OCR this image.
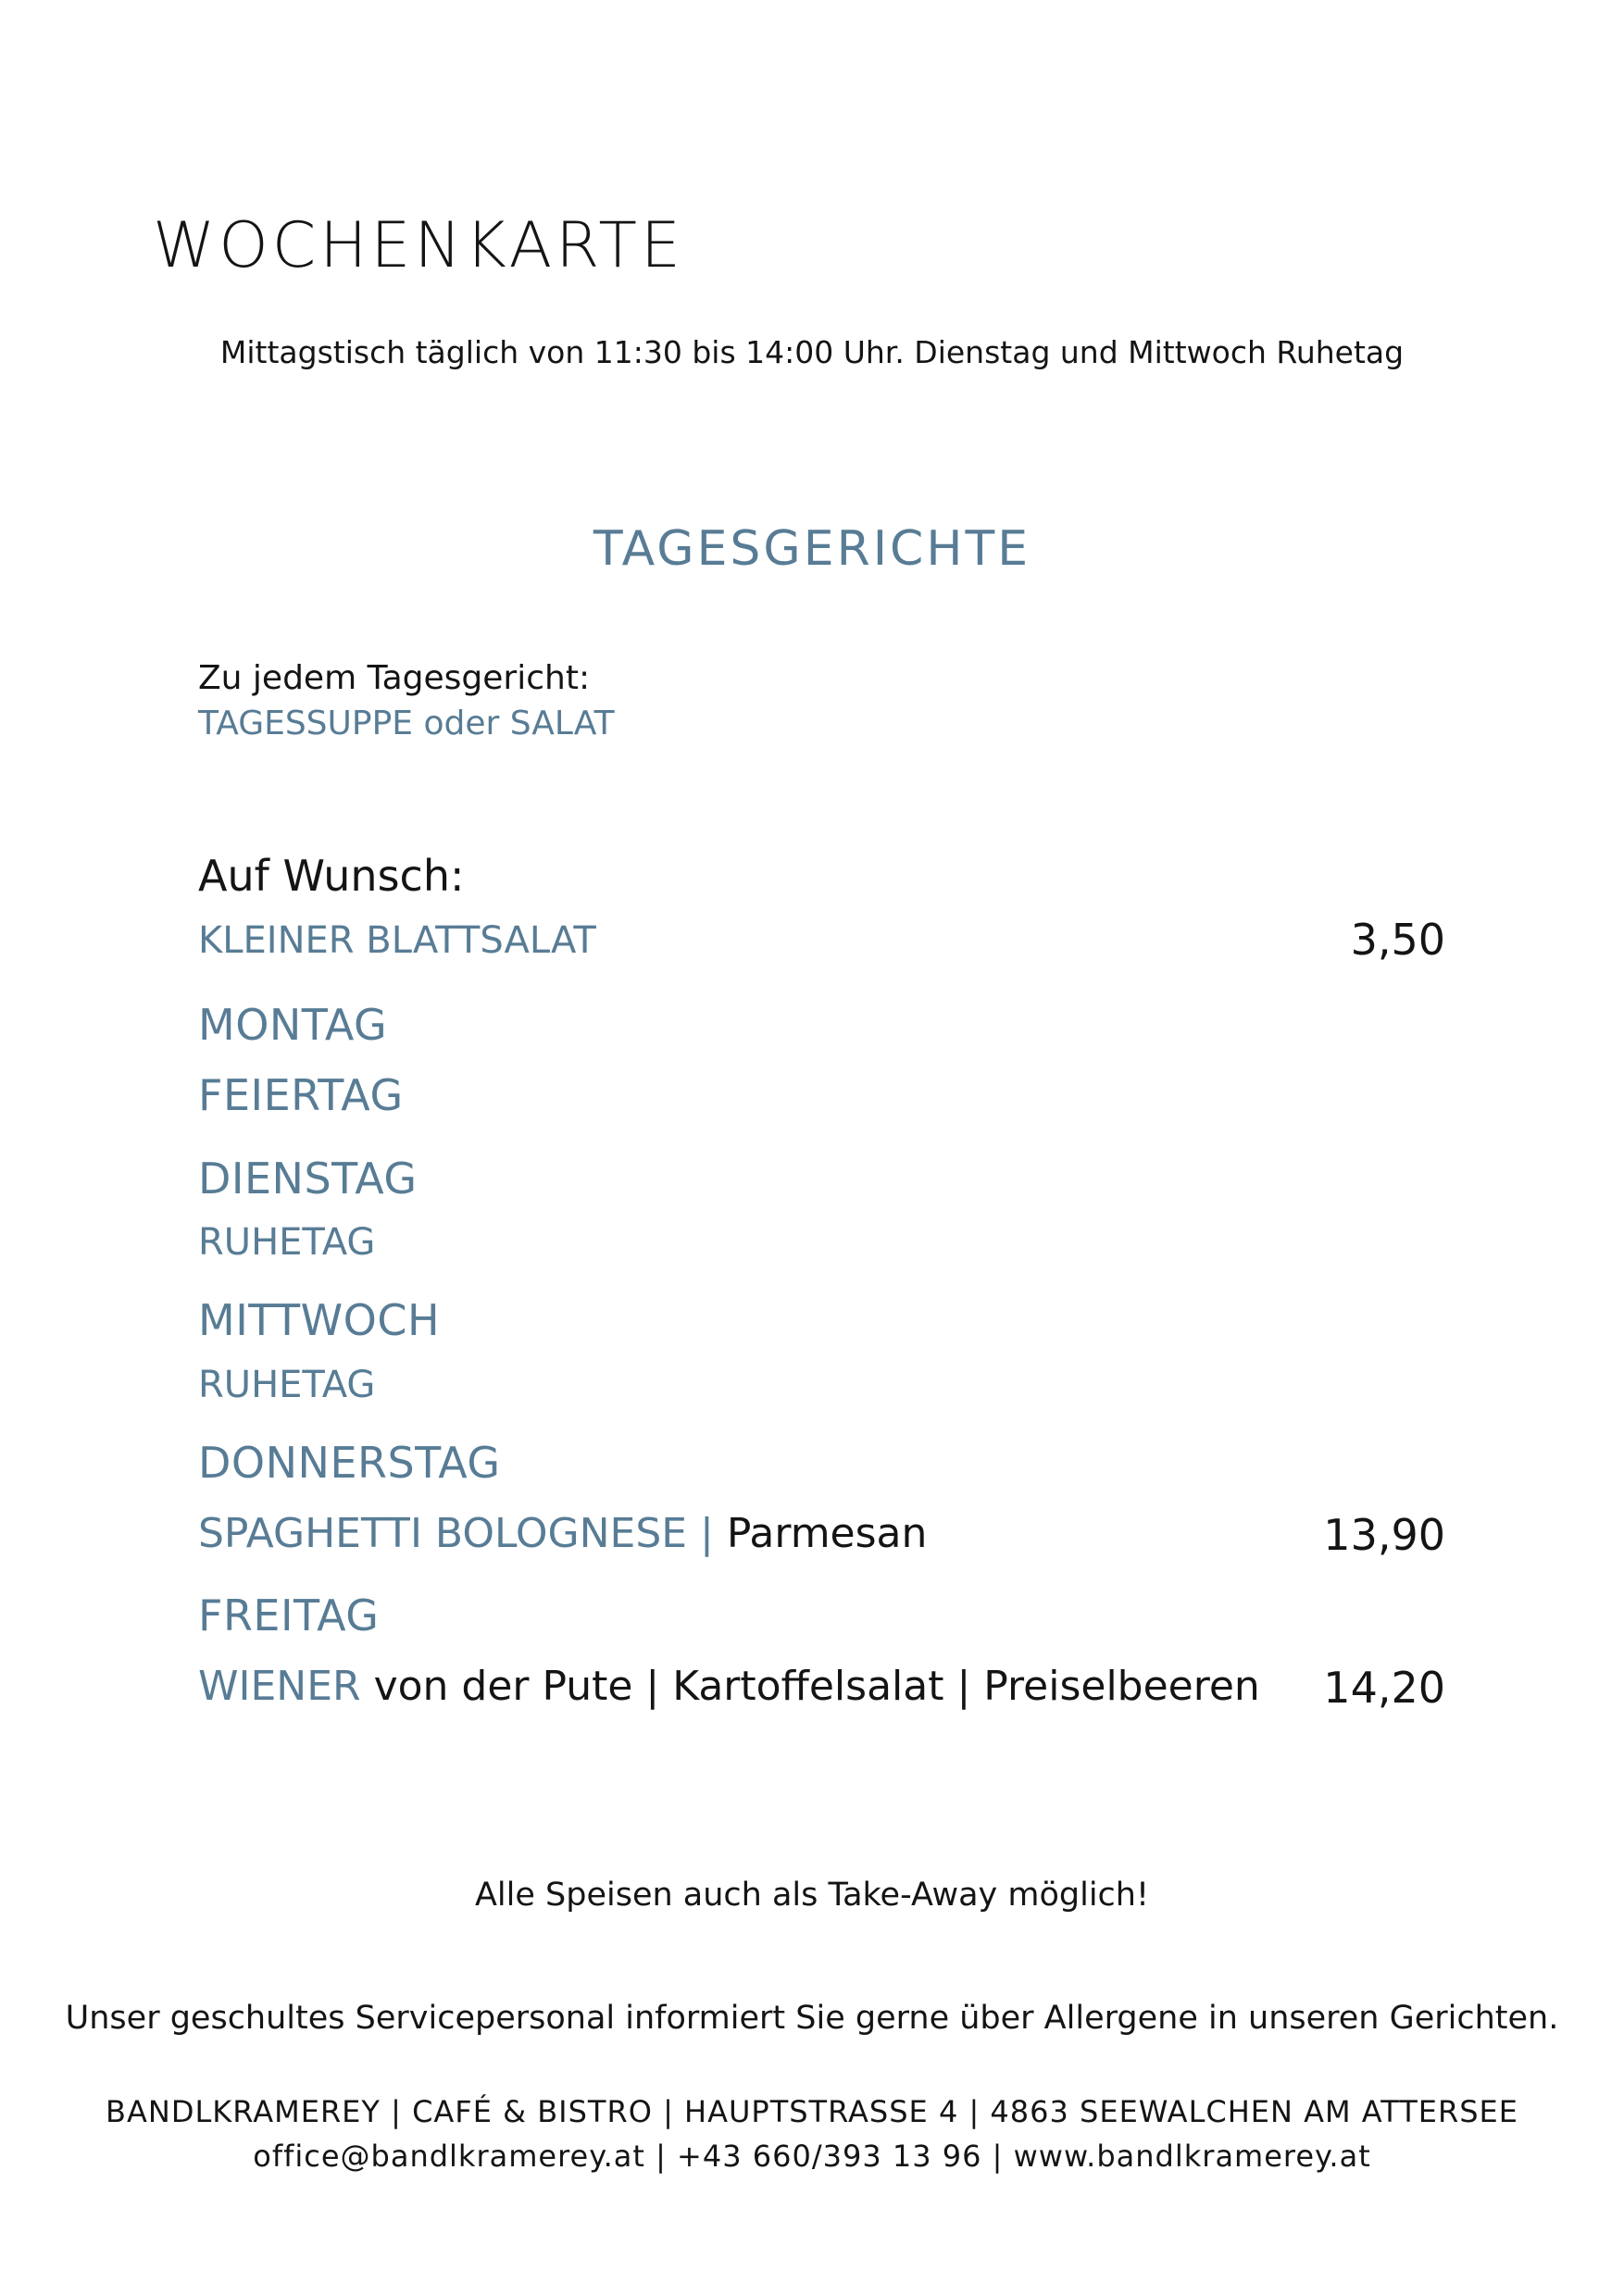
WOCHENKARTE
Mittagstisch täglich von 11:30 bis 14:00 Uhr. Dienstag und Mittwoch Ruhetag
TAGESGERICHTE
Zu jedem Tagesgericht:
TAGESSUPPE oder SALAT
Auf Wunsch:
KLEINER BLATTSALAT	3,50
MONTAG
FEIERTAG
DIENSTAG
RUHETAG
MITTWOCH
RUHETAG
DONNERSTAG
SPAGHETTI BOLOGNESE | Parmesan	13,90
FREITAG
WIENER von der Pute | Kartoffelsalat | Preiselbeeren 14,20
Alle Speisen auch als Take-Away möglich!
Unser geschultes Servicepersonal informiert Sie gerne über Allergene in unseren Gerichten.
BANDLKRAMEREY | CAFÉ & BISTRO | HAUPTSTRASSE 4 | 4863 SEEWALCHEN AM ATTERSEE
office@bandlkramerey.at | +43 660/393 13 96 | www.bandlkramerey.at
